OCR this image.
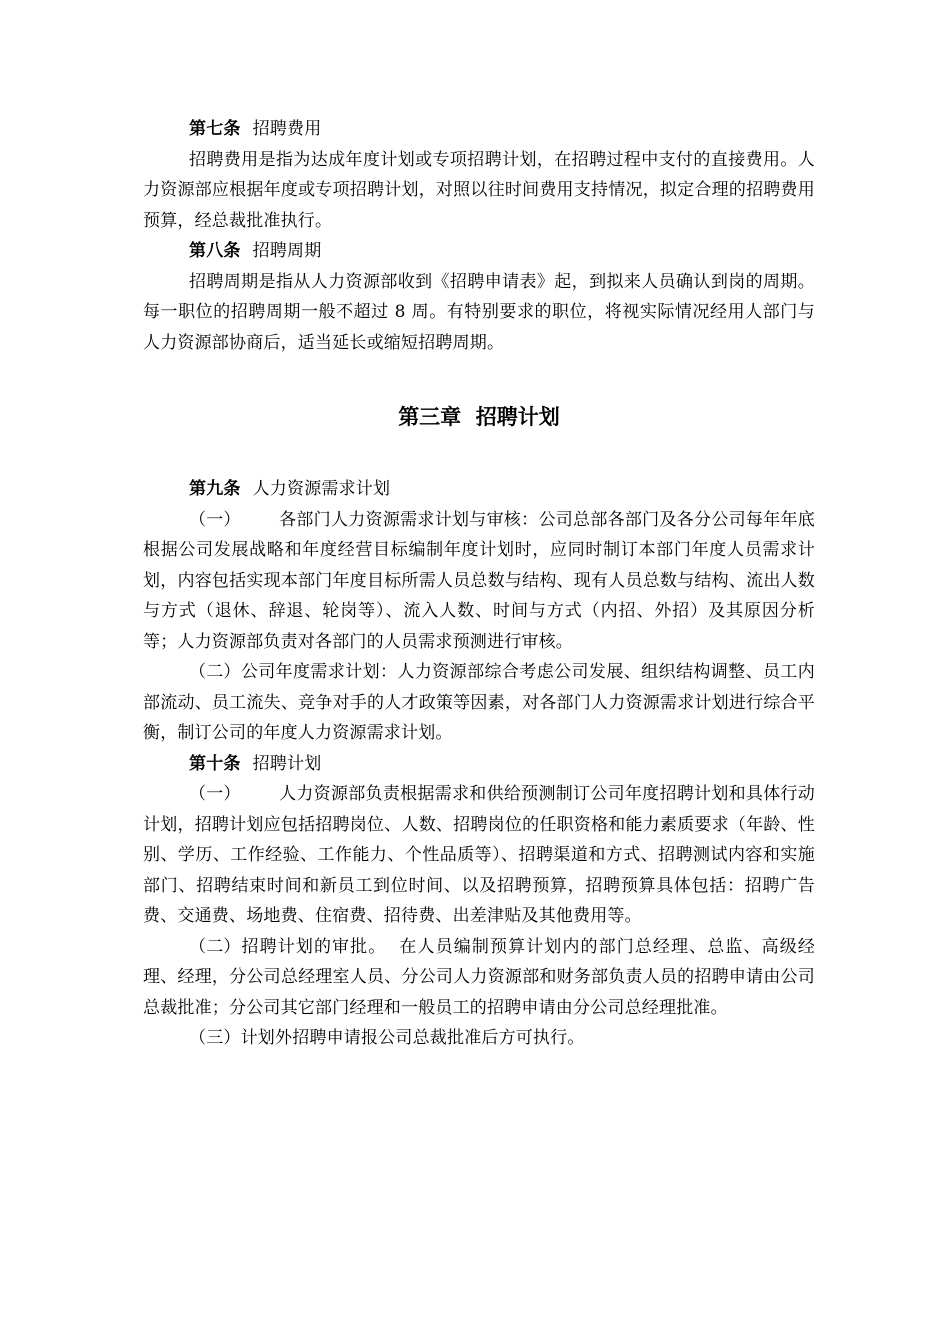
第七条 招聘费用

招聘费用是指为达成年度计划或专项招聘计划，在招聘过程中支付的直接费用。人力资源部应根据年度或专项招聘计划，对照以往时间费用支持情况，拟定合理的招聘费用预算，经总裁批准执行。

第八条 招聘周期

招聘周期是指从人力资源部收到《招聘申请表》起，到拟来人员确认到岗的周期。每一职位的招聘周期一般不超过 8 周。有特别要求的职位，将视实际情况经用人部门与人力资源部协商后，适当延长或缩短招聘周期。

第三章  招聘计划

第九条 人力资源需求计划

（一） 各部门人力资源需求计划与审核：公司总部各部门及各分公司每年年底根据公司发展战略和年度经营目标编制年度计划时，应同时制订本部门年度人员需求计划，内容包括实现本部门年度目标所需人员总数与结构、现有人员总数与结构、流出人数与方式（退休、辞退、轮岗等）、流入人数、时间与方式（内招、外招）及其原因分析等；人力资源部负责对各部门的人员需求预测进行审核。

（二）公司年度需求计划：人力资源部综合考虑公司发展、组织结构调整、员工内部流动、员工流失、竞争对手的人才政策等因素，对各部门人力资源需求计划进行综合平衡，制订公司的年度人力资源需求计划。

第十条 招聘计划

（一） 人力资源部负责根据需求和供给预测制订公司年度招聘计划和具体行动计划，招聘计划应包括招聘岗位、人数、招聘岗位的任职资格和能力素质要求（年龄、性别、学历、工作经验、工作能力、个性品质等）、招聘渠道和方式、招聘测试内容和实施部门、招聘结束时间和新员工到位时间、以及招聘预算，招聘预算具体包括：招聘广告费、交通费、场地费、住宿费、招待费、出差津贴及其他费用等。

（二）招聘计划的审批。  在人员编制预算计划内的部门总经理、总监、高级经理、经理，分公司总经理室人员、分公司人力资源部和财务部负责人员的招聘申请由公司总裁批准；分公司其它部门经理和一般员工的招聘申请由分公司总经理批准。

（三）计划外招聘申请报公司总裁批准后方可执行。
